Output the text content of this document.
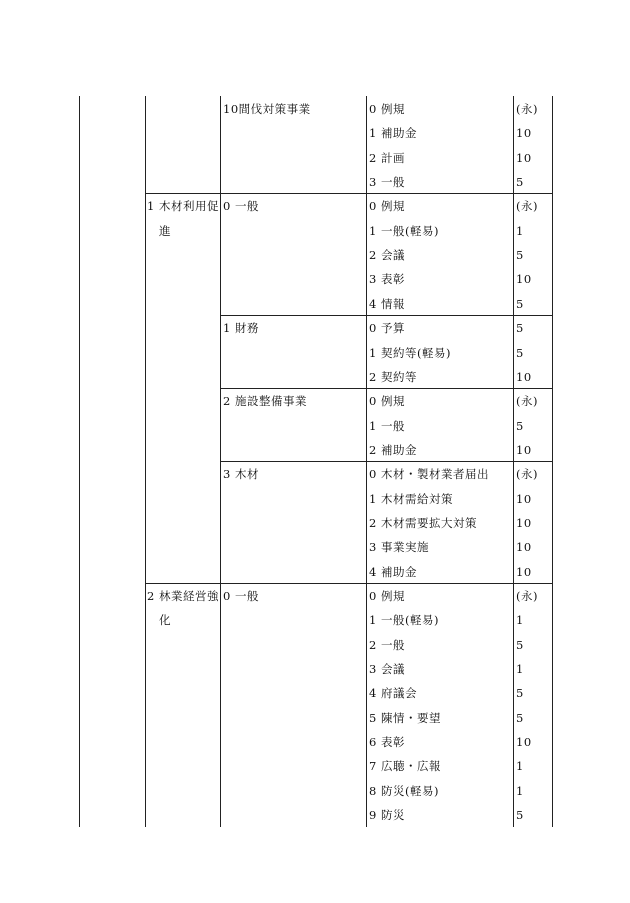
10間伐対策事業	0 例規	(永)
1 補助金	10
2 計画	10
3 一般	5
1 木材利用促
進
0 一般	0 例規	(永)
1 一般(軽易)	1
2 会議	5
3 表彰	10
4 情報	5
1 財務	0 予算	5
1 契約等(軽易)	5
2 契約等	10
2 施設整備事業	0 例規	(永)
1 一般	5
2 補助金	10
3 木材	0 木材・製材業者届出 (永)
1 木材需給対策	10
2 木材需要拡大対策	10
3 事業実施	10
4 補助金	10
2 林業経営強
化
0 一般	0 例規	(永)
1 一般(軽易)	1
2 一般	5
3 会議	1
4 府議会	5
5 陳情・要望	5
6 表彰	10
7 広聴・広報	1
8 防災(軽易)	1
9 防災	5
